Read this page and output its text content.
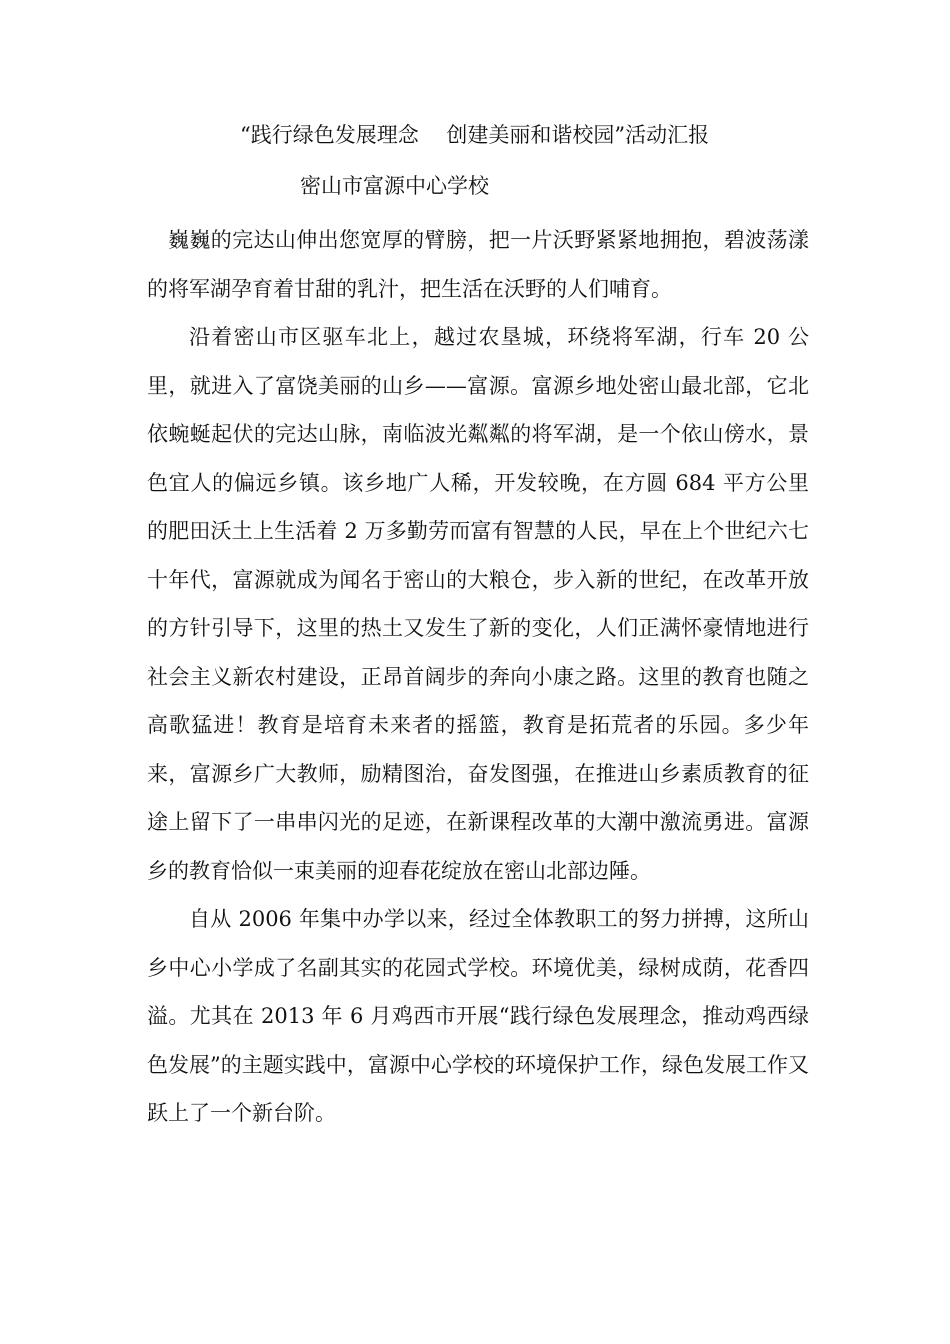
“践行绿色发展理念　 创建美丽和谐校园”活动汇报
密山市富源中心学校

巍巍的完达山伸出您宽厚的臂膀，把一片沃野紧紧地拥抱，碧波荡漾的将军湖孕育着甘甜的乳汁，把生活在沃野的人们哺育。

沿着密山市区驱车北上，越过农垦城，环绕将军湖，行车 20 公里，就进入了富饶美丽的山乡——富源。富源乡地处密山最北部，它北依蜿蜒起伏的完达山脉，南临波光粼粼的将军湖，是一个依山傍水，景色宜人的偏远乡镇。该乡地广人稀，开发较晚，在方圆 684 平方公里的肥田沃土上生活着 2 万多勤劳而富有智慧的人民，早在上个世纪六七十年代，富源就成为闻名于密山的大粮仓，步入新的世纪，在改革开放的方针引导下，这里的热土又发生了新的变化，人们正满怀豪情地进行社会主义新农村建设，正昂首阔步的奔向小康之路。这里的教育也随之高歌猛进！教育是培育未来者的摇篮，教育是拓荒者的乐园。多少年来，富源乡广大教师，励精图治，奋发图强，在推进山乡素质教育的征途上留下了一串串闪光的足迹，在新课程改革的大潮中激流勇进。富源乡的教育恰似一束美丽的迎春花绽放在密山北部边陲。

自从 2006 年集中办学以来，经过全体教职工的努力拼搏，这所山乡中心小学成了名副其实的花园式学校。环境优美，绿树成荫，花香四溢。尤其在 2013 年 6 月鸡西市开展“践行绿色发展理念，推动鸡西绿色发展”的主题实践中，富源中心学校的环境保护工作，绿色发展工作又跃上了一个新台阶。
